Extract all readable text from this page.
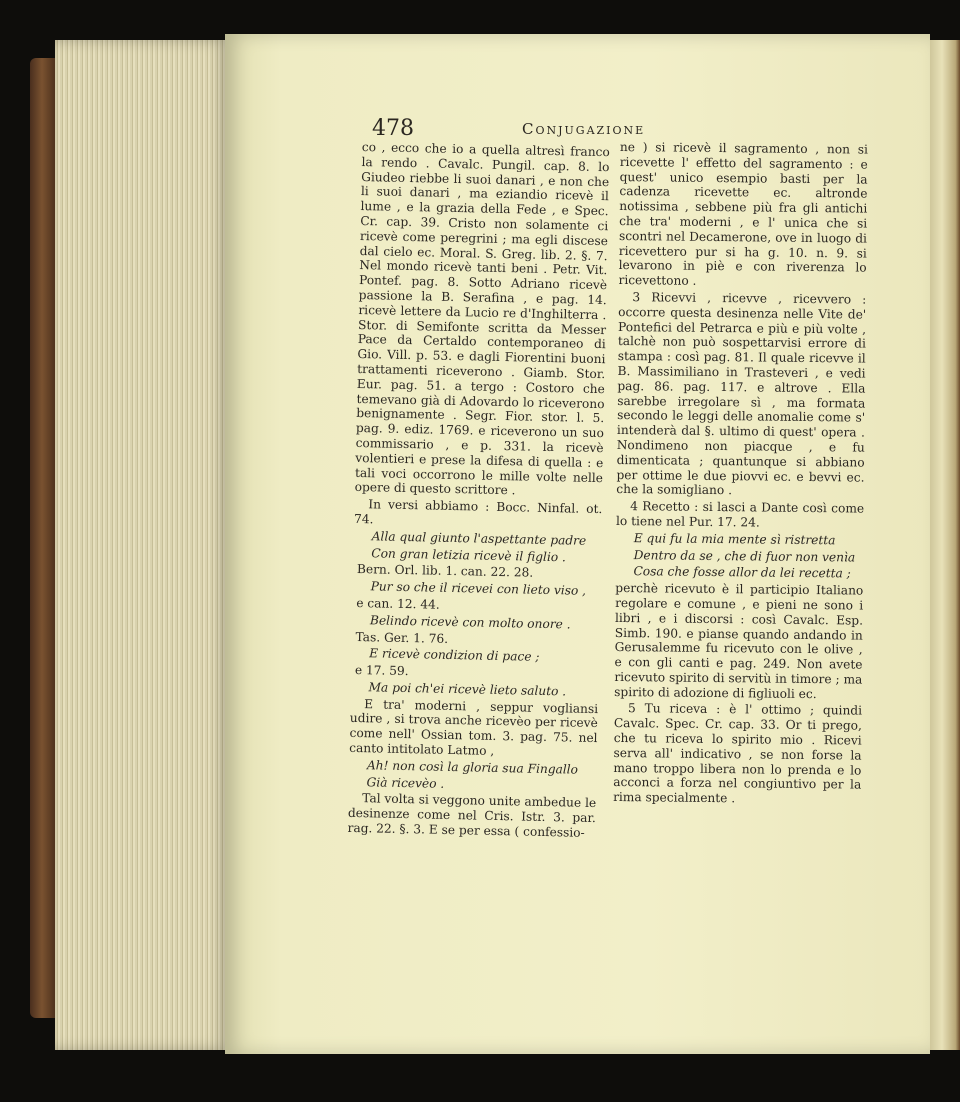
478	Conjugazione

co , ecco che io a quella altresì franco la rendo . Cavalc. Pungil. cap. 8. lo Giudeo riebbe li suoi danari , e non che li suoi danari , ma eziandio ricevè il lume , e la grazia della Fede , e Spec. Cr. cap. 39. Cristo non solamente ci ricevè come peregrini ; ma egli discese dal cielo ec. Moral. S. Greg. lib. 2. §. 7. Nel mondo ricevè tanti beni . Petr. Vit. Pontef. pag. 8. Sotto Adriano ricevè passione la B. Serafina , e pag. 14. ricevè lettere da Lucio re d'Inghilterra . Stor. di Semifonte scritta da Messer Pace da Certaldo contemporaneo di Gio. Vill. p. 53. e dagli Fiorentini buoni trattamenti riceverono . Giamb. Stor. Eur. pag. 51. a tergo : Costoro che temevano già di Adovardo lo riceverono benignamente . Segr. Fior. stor. l. 5. pag. 9. ediz. 1769. e riceverono un suo commissario , e p. 331. la ricevè volentieri e prese la difesa di quella : e tali voci occorrono le mille volte nelle opere di questo scrittore .

In versi abbiamo : Bocc. Ninfal. ot. 74.

Alla qual giunto l'aspettante padre

Con gran letizia ricevè il figlio .

Bern. Orl. lib. 1. can. 22. 28.

Pur so che il ricevei con lieto viso ,

e can. 12. 44.

Belindo ricevè con molto onore .

Tas. Ger. 1. 76.

E ricevè condizion di pace ;

e 17. 59.

Ma poi ch'ei ricevè lieto saluto .

E tra' moderni , seppur vogliansi udire , si trova anche ricevèo per ricevè come nell' Ossian tom. 3. pag. 75. nel canto intitolato Latmo ,

Ah! non così la gloria sua Fingallo

Già ricevèo .

Tal volta si veggono unite ambedue le desinenze come nel Cris. Istr. 3. par. rag. 22. §. 3. E se per essa ( confessio-

ne ) si ricevè il sagramento , non si ricevette l' effetto del sagramento : e quest' unico esempio basti per la cadenza ricevette ec. altronde notissima , sebbene più fra gli antichi che tra' moderni , e l' unica che si scontri nel Decamerone, ove in luogo di ricevettero pur si ha g. 10. n. 9. si levarono in piè e con riverenza lo ricevettono .

3 Ricevvi , ricevve , ricevvero : occorre questa desinenza nelle Vite de' Pontefici del Petrarca e più e più volte , talchè non può sospettarvisi errore di stampa : così pag. 81. Il quale ricevve il B. Massimiliano in Trasteveri , e vedi pag. 86. pag. 117. e altrove . Ella sarebbe irregolare sì , ma formata secondo le leggi delle anomalie come s' intenderà dal §. ultimo di quest' opera . Nondimeno non piacque , e fu dimenticata ; quantunque si abbiano per ottime le due piovvi ec. e bevvi ec. che la somigliano .

4 Recetto : si lasci a Dante così come lo tiene nel Pur. 17. 24.

E qui fu la mia mente sì ristretta

Dentro da se , che di fuor non venìa

Cosa che fosse allor da lei recetta ;

perchè ricevuto è il participio Italiano regolare e comune , e pieni ne sono i libri , e i discorsi : così Cavalc. Esp. Simb. 190. e pianse quando andando in Gerusalemme fu ricevuto con le olive , e con gli canti e pag. 249. Non avete ricevuto spirito di servitù in timore ; ma spirito di adozione di figliuoli ec.

5 Tu riceva : è l' ottimo ; quindi Cavalc. Spec. Cr. cap. 33. Or ti prego, che tu riceva lo spirito mio . Ricevi serva all' indicativo , se non forse la mano troppo libera non lo prenda e lo acconci a forza nel congiuntivo per la rima specialmente .
